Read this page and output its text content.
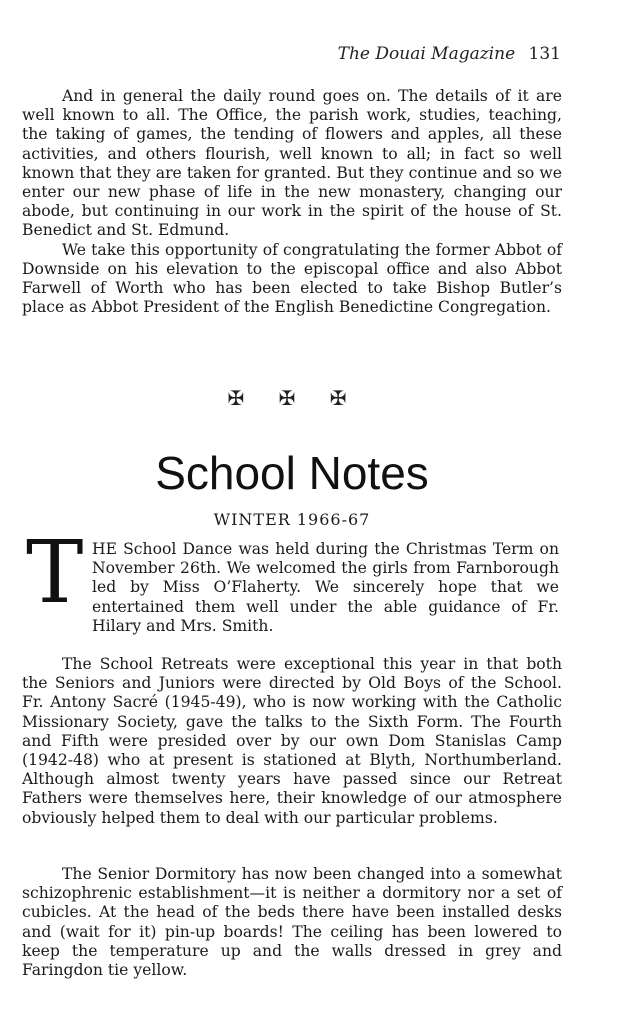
The Douai Magazine 131

And in general the daily round goes on. The details of it are well known to all. The Office, the parish work, studies, teaching, the taking of games, the tending of flowers and apples, all these activities, and others flourish, well known to all; in fact so well known that they are taken for granted. But they continue and so we enter our new phase of life in the new monastery, changing our abode, but continuing in our work in the spirit of the house of St. Benedict and St. Edmund.

We take this opportunity of congratulating the former Abbot of Downside on his elevation to the episcopal office and also Abbot Farwell of Worth who has been elected to take Bishop Butler’s place as Abbot President of the English Benedictine Congregation.

✠ ✠ ✠
School Notes
WINTER 1966-67
T HE School Dance was held during the Christmas Term on November 26th. We welcomed the girls from Farnborough led by Miss O’Flaherty. We sincerely hope that we entertained them well under the able guidance of Fr. Hilary and Mrs. Smith.

The School Retreats were exceptional this year in that both the Seniors and Juniors were directed by Old Boys of the School. Fr. Antony Sacré (1945-49), who is now working with the Catholic Missionary Society, gave the talks to the Sixth Form. The Fourth and Fifth were presided over by our own Dom Stanislas Camp (1942-48) who at present is stationed at Blyth, Northumberland. Although almost twenty years have passed since our Retreat Fathers were themselves here, their knowledge of our atmosphere obviously helped them to deal with our particular problems.

The Senior Dormitory has now been changed into a somewhat schizophrenic establishment—it is neither a dormitory nor a set of cubicles. At the head of the beds there have been installed desks and (wait for it) pin-up boards! The ceiling has been lowered to keep the temperature up and the walls dressed in grey and Faringdon tie yellow.
